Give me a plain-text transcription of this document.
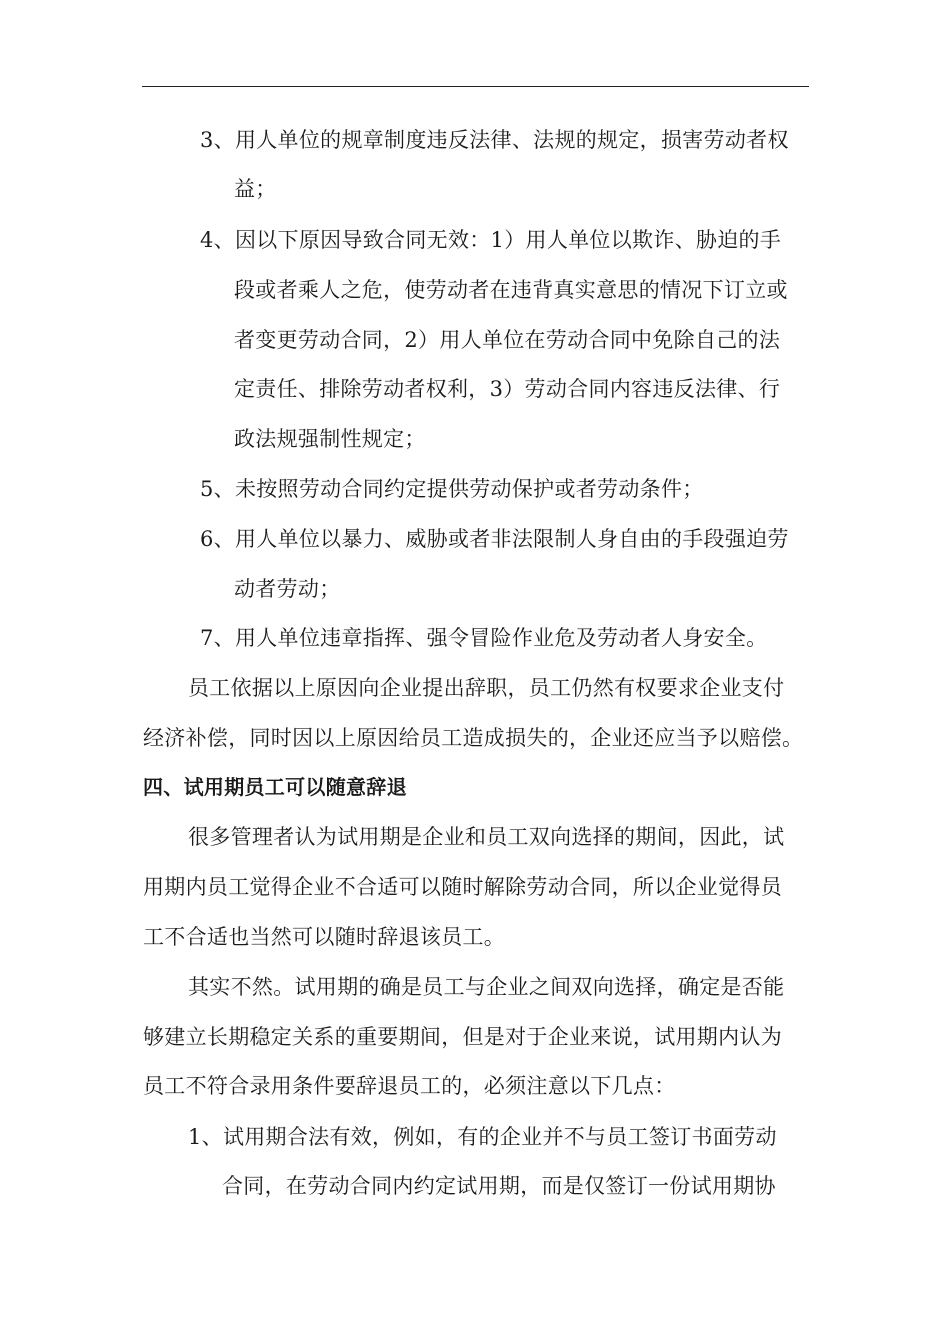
3、用人单位的规章制度违反法律、法规的规定，损害劳动者权
益；
4、因以下原因导致合同无效：1）用人单位以欺诈、胁迫的手
段或者乘人之危，使劳动者在违背真实意思的情况下订立或
者变更劳动合同，2）用人单位在劳动合同中免除自己的法
定责任、排除劳动者权利，3）劳动合同内容违反法律、行
政法规强制性规定；
5、未按照劳动合同约定提供劳动保护或者劳动条件；
6、用人单位以暴力、威胁或者非法限制人身自由的手段强迫劳
动者劳动；
7、用人单位违章指挥、强令冒险作业危及劳动者人身安全。
员工依据以上原因向企业提出辞职，员工仍然有权要求企业支付
经济补偿，同时因以上原因给员工造成损失的，企业还应当予以赔偿。
四、试用期员工可以随意辞退
很多管理者认为试用期是企业和员工双向选择的期间，因此，试
用期内员工觉得企业不合适可以随时解除劳动合同，所以企业觉得员
工不合适也当然可以随时辞退该员工。
其实不然。试用期的确是员工与企业之间双向选择，确定是否能
够建立长期稳定关系的重要期间，但是对于企业来说，试用期内认为
员工不符合录用条件要辞退员工的，必须注意以下几点：
1、试用期合法有效，例如，有的企业并不与员工签订书面劳动
合同，在劳动合同内约定试用期，而是仅签订一份试用期协
